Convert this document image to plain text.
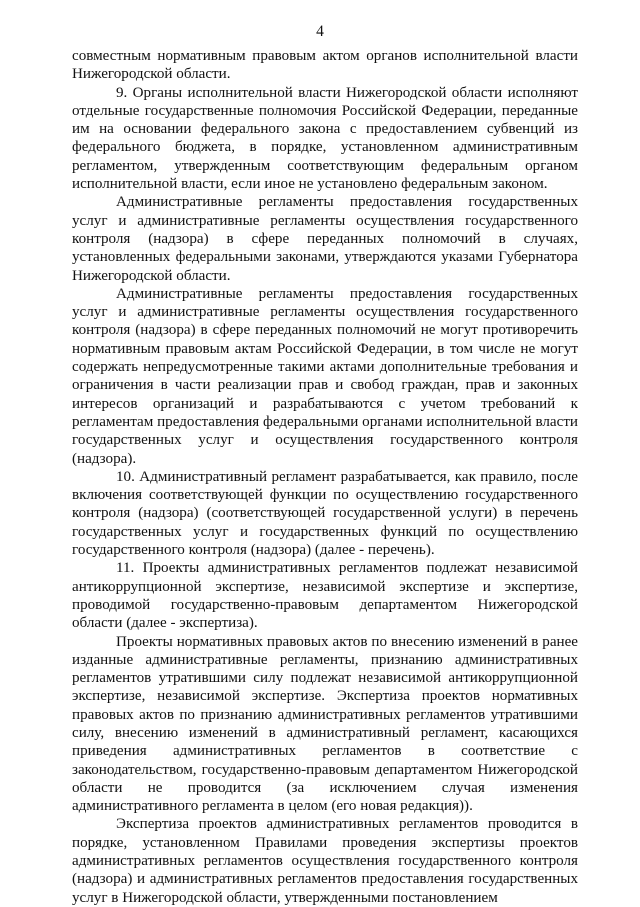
4

совместным нормативным правовым актом органов исполнительной власти Нижегородской области.

9. Органы исполнительной власти Нижегородской области исполняют отдельные государственные полномочия Российской Федерации, переданные им на основании федерального закона с предоставлением субвенций из федерального бюджета, в порядке, установленном административным регламентом, утвержденным соответствующим федеральным органом исполнительной власти, если иное не установлено федеральным законом.

Административные регламенты предоставления государственных услуг и административные регламенты осуществления государственного контроля (надзора) в сфере переданных полномочий в случаях, установленных федеральными законами, утверждаются указами Губернатора Нижегородской области.

Административные регламенты предоставления государственных услуг и административные регламенты осуществления государственного контроля (надзора) в сфере переданных полномочий не могут противоречить нормативным правовым актам Российской Федерации, в том числе не могут содержать непредусмотренные такими актами дополнительные требования и ограничения в части реализации прав и свобод граждан, прав и законных интересов организаций и разрабатываются с учетом требований к регламентам предоставления федеральными органами исполнительной власти государственных услуг и осуществления государственного контроля (надзора).

10. Административный регламент разрабатывается, как правило, после включения соответствующей функции по осуществлению государственного контроля (надзора) (соответствующей государственной услуги) в перечень государственных услуг и государственных функций по осуществлению государственного контроля (надзора) (далее - перечень).

11. Проекты административных регламентов подлежат независимой антикоррупционной экспертизе, независимой экспертизе и экспертизе, проводимой государственно-правовым департаментом Нижегородской области (далее - экспертиза).

Проекты нормативных правовых актов по внесению изменений в ранее изданные административные регламенты, признанию административных регламентов утратившими силу подлежат независимой антикоррупционной экспертизе, независимой экспертизе. Экспертиза проектов нормативных правовых актов по признанию административных регламентов утратившими силу, внесению изменений в административный регламент, касающихся приведения административных регламентов в соответствие с законодательством, государственно-правовым департаментом Нижегородской области не проводится (за исключением случая изменения административного регламента в целом (его новая редакция)).

Экспертиза проектов административных регламентов проводится в порядке, установленном Правилами проведения экспертизы проектов административных регламентов осуществления государственного контроля (надзора) и административных регламентов предоставления государственных услуг в Нижегородской области, утвержденными постановлением
